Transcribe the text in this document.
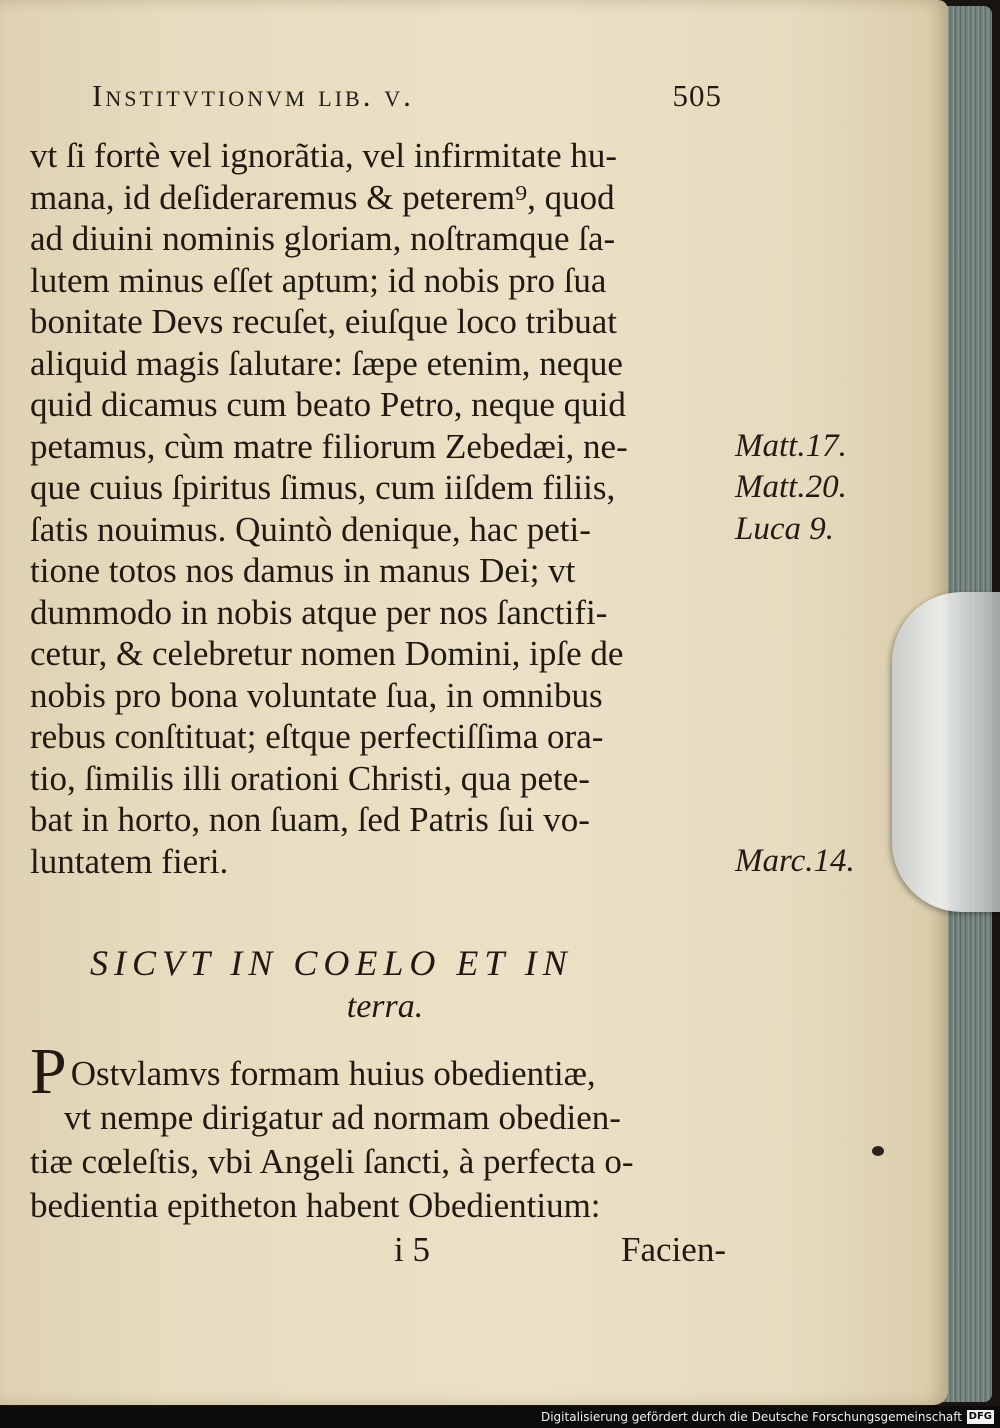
Institvtionvm lib. v.	505
vt ſi fortè vel ignorãtia, vel infirmitate hu-
mana, id deſideraremus & peterem⁹, quod
ad diuini nominis gloriam, noſtramque ſa-
lutem minus eſſet aptum; id nobis pro ſua
bonitate Devs recuſet, eiuſque loco tribuat
aliquid magis ſalutare: ſæpe etenim, neque
quid dicamus cum beato Petro, neque quid
petamus, cùm matre filiorum Zebedæi, ne-
que cuius ſpiritus ſimus, cum iiſdem filiis,
ſatis nouimus. Quintò denique, hac peti-
tione totos nos damus in manus Dei; vt
dummodo in nobis atque per nos ſanctifi-
cetur, & celebretur nomen Domini, ipſe de
nobis pro bona voluntate ſua, in omnibus
rebus conſtituat; eſtque perfectiſſima ora-
tio, ſimilis illi orationi Christi, qua pete-
bat in horto, non ſuam, ſed Patris ſui vo-
luntatem fieri.
Matt.17.
Matt.20.
Luca 9.
Marc.14.
SICVT IN COELO ET IN
terra.
P Ostvlamvs formam huius obedientiæ,
vt nempe dirigatur ad normam obedien-
tiæ cœleſtis, vbi Angeli ſancti, à perfecta o-
bedientia epitheton habent Obedientium:
i 5	Facien-
Digitalisierung gefördert durch die Deutsche Forschungsgemeinschaft DFG
